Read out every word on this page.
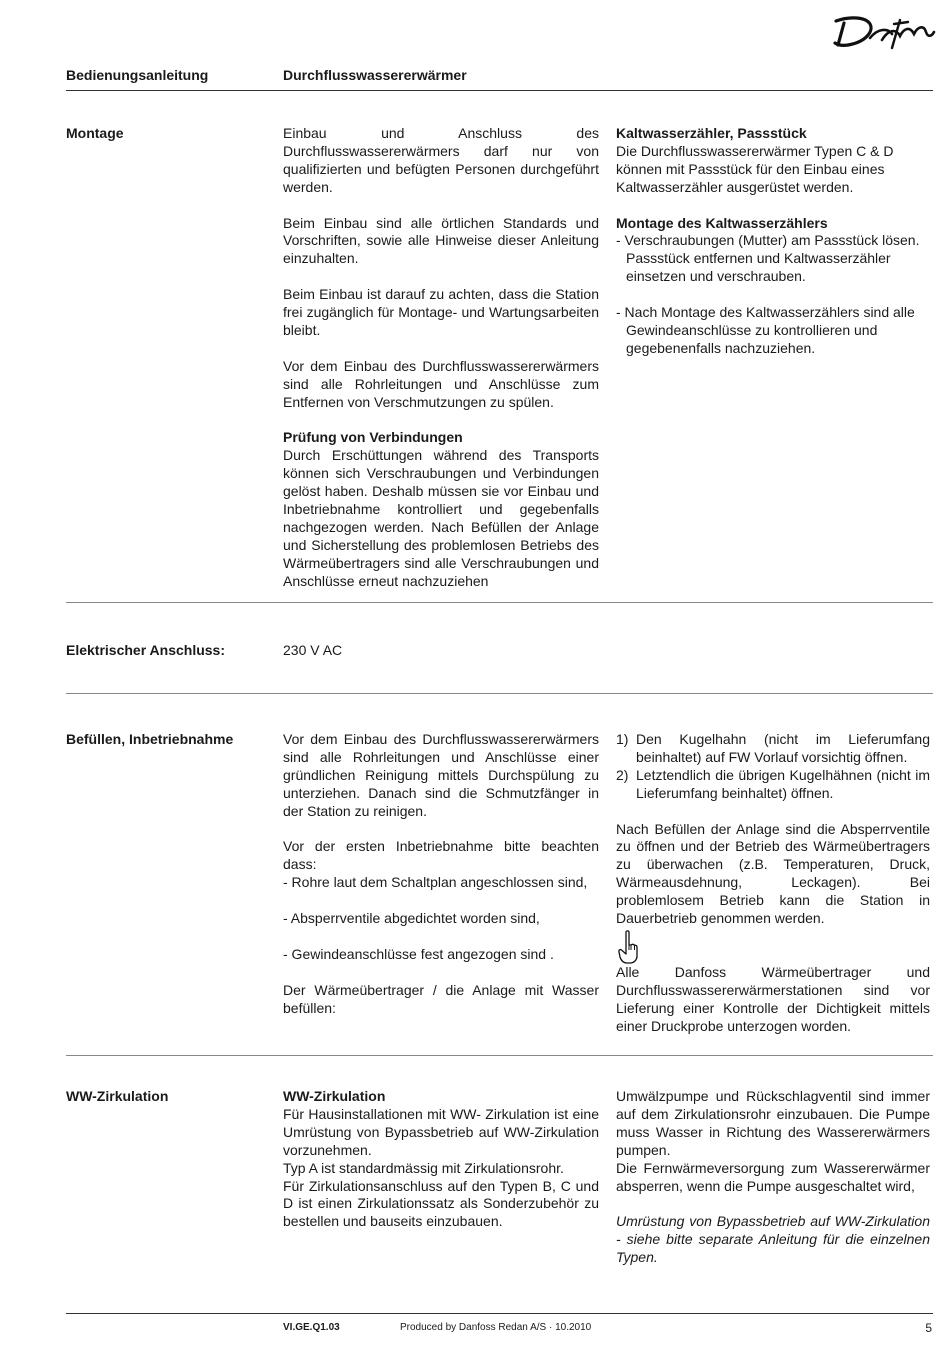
Bedienungsanleitung	Durchflusswassererwärmer
Montage	Einbau und Anschluss des Durchflusswassererwärmers darf nur von qualifizierten und befügten Personen durchgeführt werden.

Beim Einbau sind alle örtlichen Standards und Vorschriften, sowie alle Hinweise dieser Anleitung einzuhalten.

Beim Einbau ist darauf zu achten, dass die Station frei zugänglich für Montage- und Wartungsarbeiten bleibt.

Vor dem Einbau des Durchflusswassererwärmers sind alle Rohrleitungen und Anschlüsse zum Entfernen von Verschmutzungen zu spülen.

Prüfung von Verbindungen

Durch Erschüttungen während des Transports können sich Verschraubungen und Verbindungen gelöst haben. Deshalb müssen sie vor Einbau und Inbetriebnahme kontrolliert und gegebenfalls nachgezogen werden. Nach Befüllen der Anlage und Sicherstellung des problemlosen Betriebs des Wärmeübertragers sind alle Verschraubungen und Anschlüsse erneut nachzuziehen

Kaltwasserzähler, Passstück

Die Durchflusswassererwärmer Typen C & D können mit Passstück für den Einbau eines Kaltwasserzähler ausgerüstet werden.

Montage des Kaltwasserzählers

- Verschraubungen (Mutter) am Passstück lösen. Passstück entfernen und Kaltwasserzähler einsetzen und verschrauben.

- Nach Montage des Kaltwasserzählers sind alle Gewindeanschlüsse zu kontrollieren und gegebenenfalls nachzuziehen.

Elektrischer Anschluss:	230 V AC
Befüllen, Inbetriebnahme	Vor dem Einbau des Durchflusswassererwärmers sind alle Rohrleitungen und Anschlüsse einer gründlichen Reinigung mittels Durchspülung zu unterziehen. Danach sind die Schmutzfänger in der Station zu reinigen.

Vor der ersten Inbetriebnahme bitte beachten dass:

- Rohre laut dem Schaltplan angeschlossen sind,

- Absperrventile abgedichtet worden sind,

- Gewindeanschlüsse fest angezogen sind .

Der Wärmeübertrager / die Anlage mit Wasser befüllen:

1) Den Kugelhahn (nicht im Lieferumfang beinhaltet) auf FW Vorlauf vorsichtig öffnen.
2) Letztendlich die übrigen Kugelhähnen (nicht im Lieferumfang beinhaltet) öffnen.

Nach Befüllen der Anlage sind die Absperrventile zu öffnen und der Betrieb des Wärmeübertragers zu überwachen (z.B. Temperaturen, Druck, Wärmeausdehnung, Leckagen). Bei problemlosem Betrieb kann die Station in Dauerbetrieb genommen werden.

Alle Danfoss Wärmeübertrager und Durchflusswassererwärmerstationen sind vor Lieferung einer Kontrolle der Dichtigkeit mittels einer Druckprobe unterzogen worden.

WW-Zirkulation	WW-Zirkulation
Für Hausinstallationen mit WW- Zirkulation ist eine Umrüstung von Bypassbetrieb auf WW-Zirkulation vorzunehmen.
Typ A ist standardmässig mit Zirkulationsrohr.
Für Zirkulationsanschluss auf den Typen B, C und D ist einen Zirkulationssatz als Sonderzubehör zu bestellen und bauseits einzubauen.
Umwälzpumpe und Rückschlagventil sind immer auf dem Zirkulationsrohr einzubauen. Die Pumpe muss Wasser in Richtung des Wassererwärmers pumpen.

Die Fernwärmeversorgung zum Wassererwärmer absperren, wenn die Pumpe ausgeschaltet wird,

Umrüstung von Bypassbetrieb auf WW-Zirkulation - siehe bitte separate Anleitung für die einzelnen Typen.

VI.GE.Q1.03	Produced by Danfoss Redan A/S · 10.2010	5
